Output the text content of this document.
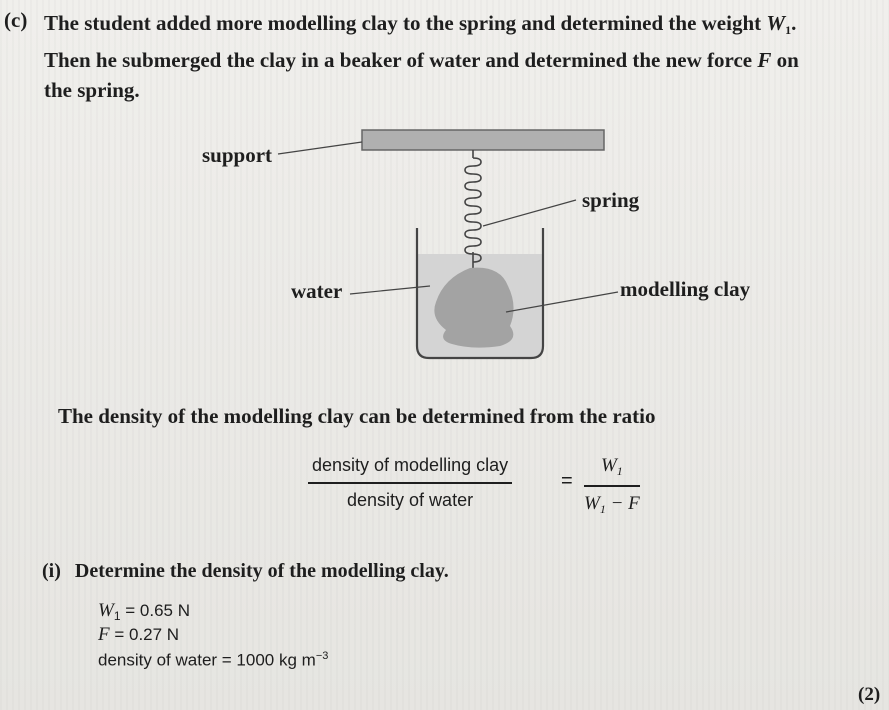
(c) The student added more modelling clay to the spring and determined the weight $W_1$.
Then he submerged the clay in a beaker of water and determined the new force F on
the spring.
support
spring
water	modelling clay
The density of the modelling clay can be determined from the ratio
density of modelling clay
density of water
= $\frac{W_1}{W_1 - F}$
(i) Determine the density of the modelling clay.
$W_1 = 0.65$ N
F = 0.27 N
density of water = 1000 kg $m^{-3}$
(2)
